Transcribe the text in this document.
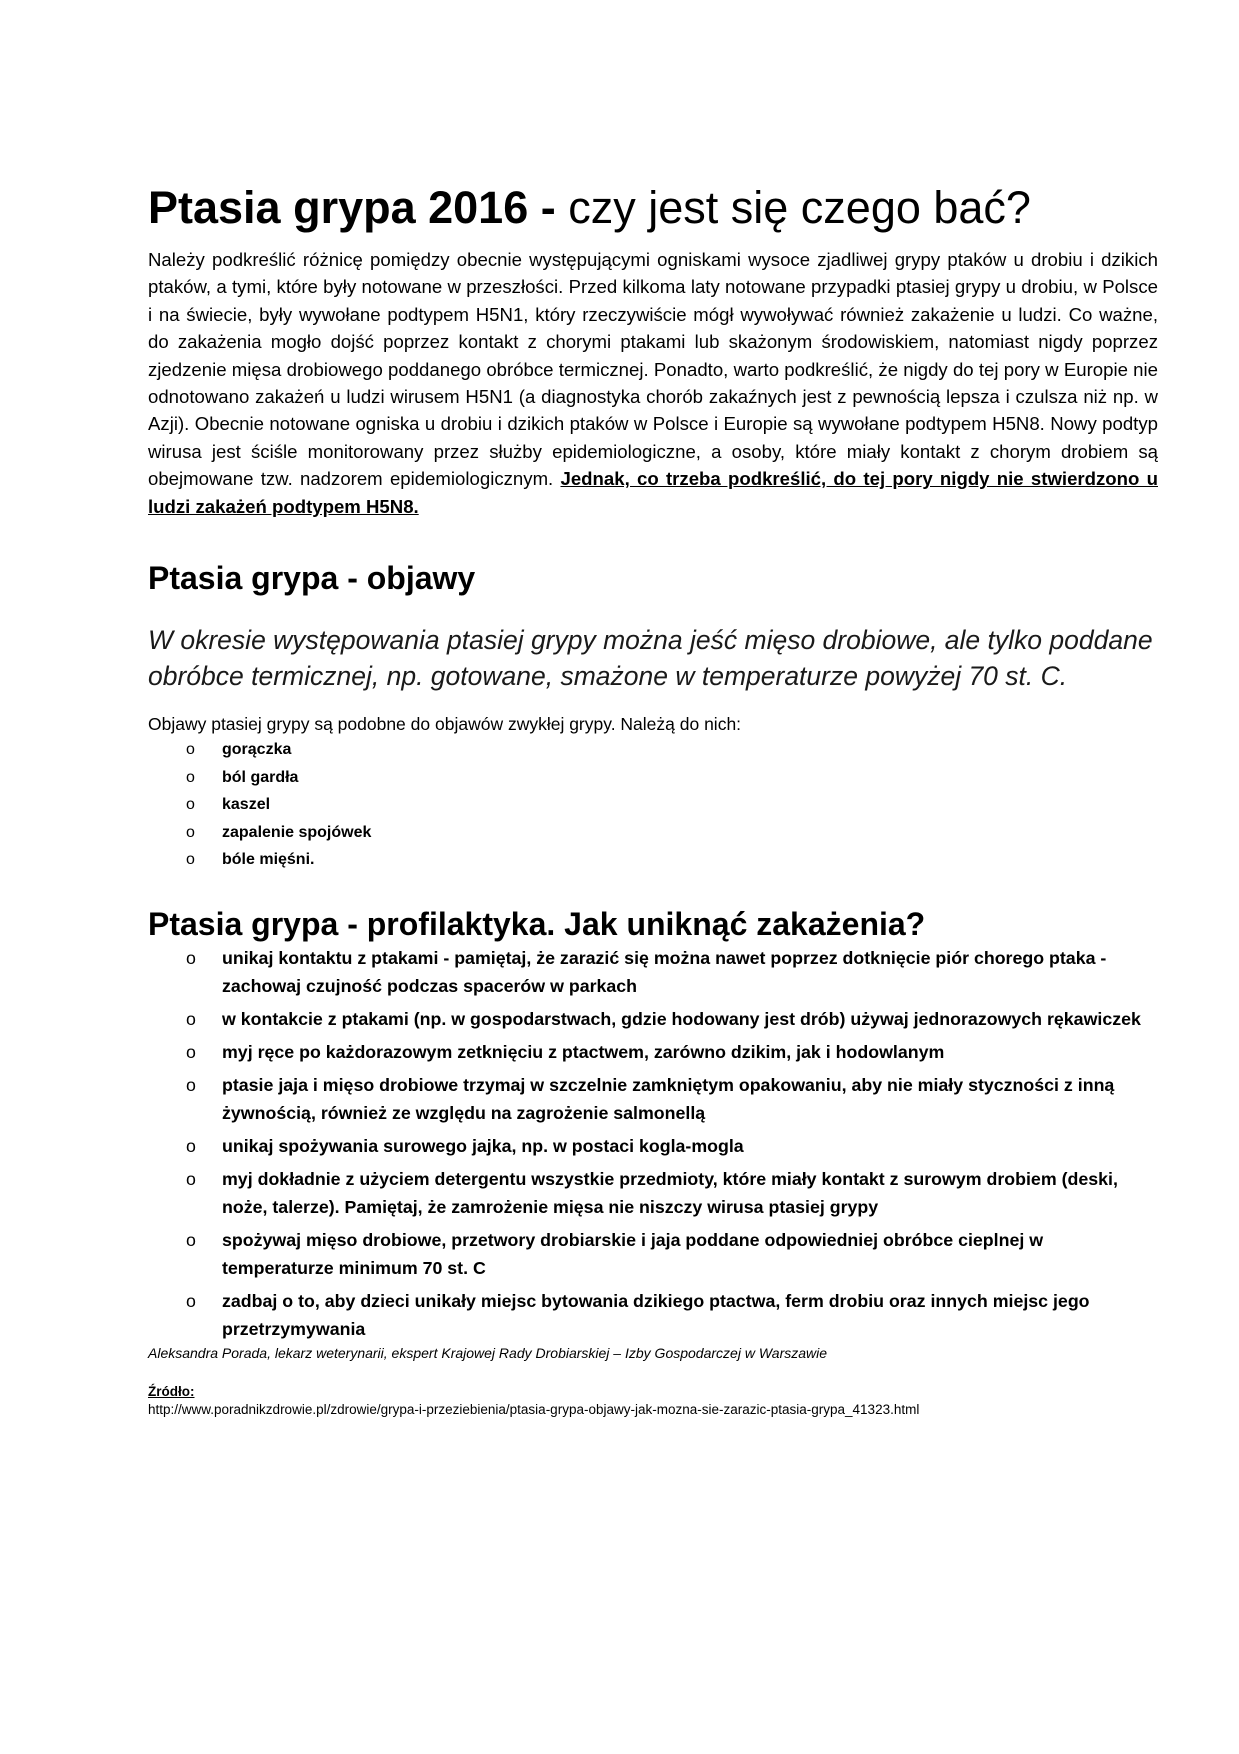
Ptasia grypa 2016 - czy jest się czego bać?

Należy podkreślić różnicę pomiędzy obecnie występującymi ogniskami wysoce zjadliwej grypy ptaków u drobiu i dzikich ptaków, a tymi, które były notowane w przeszłości. Przed kilkoma laty notowane przypadki ptasiej grypy u drobiu, w Polsce i na świecie, były wywołane podtypem H5N1, który rzeczywiście mógł wywoływać również zakażenie u ludzi. Co ważne, do zakażenia mogło dojść poprzez kontakt z chorymi ptakami lub skażonym środowiskiem, natomiast nigdy poprzez zjedzenie mięsa drobiowego poddanego obróbce termicznej. Ponadto, warto podkreślić, że nigdy do tej pory w Europie nie odnotowano zakażeń u ludzi wirusem H5N1 (a diagnostyka chorób zakaźnych jest z pewnością lepsza i czulsza niż np. w Azji). Obecnie notowane ogniska u drobiu i dzikich ptaków w Polsce i Europie są wywołane podtypem H5N8. Nowy podtyp wirusa jest ściśle monitorowany przez służby epidemiologiczne, a osoby, które miały kontakt z chorym drobiem są obejmowane tzw. nadzorem epidemiologicznym. Jednak, co trzeba podkreślić, do tej pory nigdy nie stwierdzono u ludzi zakażeń podtypem H5N8.

Ptasia grypa - objawy

W okresie występowania ptasiej grypy można jeść mięso drobiowe, ale tylko poddane obróbce termicznej, np. gotowane, smażone w temperaturze powyżej 70 st. C.

Objawy ptasiej grypy są podobne do objawów zwykłej grypy. Należą do nich:

o gorączka
o ból gardła
o kaszel
o zapalenie spojówek
o bóle mięśni.
Ptasia grypa - profilaktyka. Jak uniknąć zakażenia?
o unikaj kontaktu z ptakami - pamiętaj, że zarazić się można nawet poprzez dotknięcie piór chorego ptaka - zachowaj czujność podczas spacerów w parkach
o w kontakcie z ptakami (np. w gospodarstwach, gdzie hodowany jest drób) używaj jednorazowych rękawiczek
o myj ręce po każdorazowym zetknięciu z ptactwem, zarówno dzikim, jak i hodowlanym
o ptasie jaja i mięso drobiowe trzymaj w szczelnie zamkniętym opakowaniu, aby nie miały styczności z inną żywnością, również ze względu na zagrożenie salmonellą
o unikaj spożywania surowego jajka, np. w postaci kogla-mogla
o myj dokładnie z użyciem detergentu wszystkie przedmioty, które miały kontakt z surowym drobiem (deski, noże, talerze). Pamiętaj, że zamrożenie mięsa nie niszczy wirusa ptasiej grypy
o spożywaj mięso drobiowe, przetwory drobiarskie i jaja poddane odpowiedniej obróbce cieplnej w temperaturze minimum 70 st. C
o zadbaj o to, aby dzieci unikały miejsc bytowania dzikiego ptactwa, ferm drobiu oraz innych miejsc jego przetrzymywania

Aleksandra Porada, lekarz weterynarii, ekspert Krajowej Rady Drobiarskiej – Izby Gospodarczej w Warszawie

Źródło:

http://www.poradnikzdrowie.pl/zdrowie/grypa-i-przeziebienia/ptasia-grypa-objawy-jak-mozna-sie-zarazic-ptasia-grypa_41323.html
